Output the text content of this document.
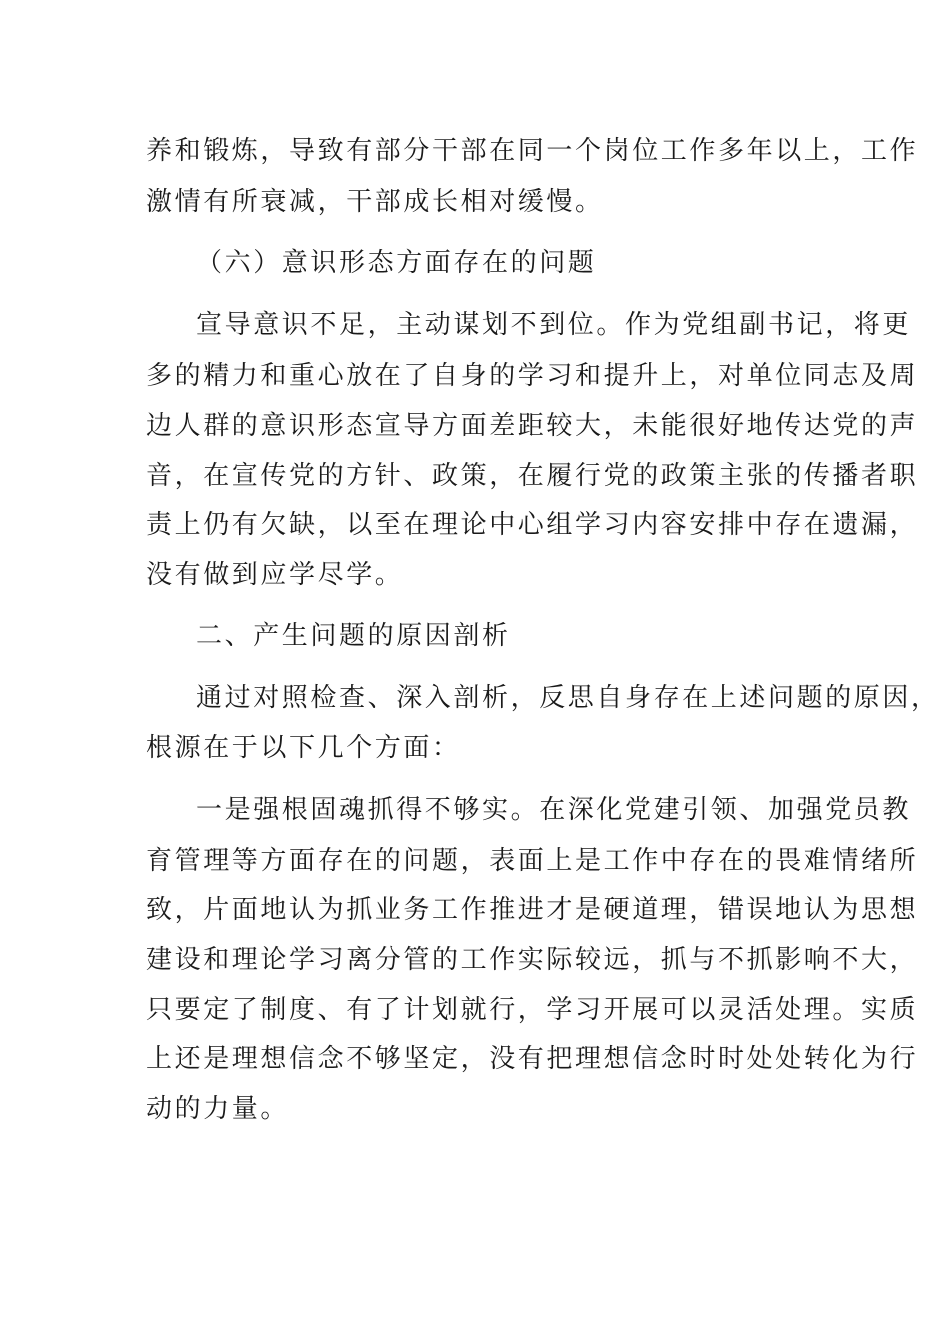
养和锻炼，导致有部分干部在同一个岗位工作多年以上，工作
激情有所衰减，干部成长相对缓慢。
（六）意识形态方面存在的问题
宣导意识不足，主动谋划不到位。作为党组副书记，将更
多的精力和重心放在了自身的学习和提升上，对单位同志及周
边人群的意识形态宣导方面差距较大，未能很好地传达党的声
音，在宣传党的方针、政策，在履行党的政策主张的传播者职
责上仍有欠缺，以至在理论中心组学习内容安排中存在遗漏，
没有做到应学尽学。
二、产生问题的原因剖析
通过对照检查、深入剖析，反思自身存在上述问题的原因，
根源在于以下几个方面：
一是强根固魂抓得不够实。在深化党建引领、加强党员教
育管理等方面存在的问题，表面上是工作中存在的畏难情绪所
致，片面地认为抓业务工作推进才是硬道理，错误地认为思想
建设和理论学习离分管的工作实际较远，抓与不抓影响不大，
只要定了制度、有了计划就行，学习开展可以灵活处理。实质
上还是理想信念不够坚定，没有把理想信念时时处处转化为行
动的力量。
